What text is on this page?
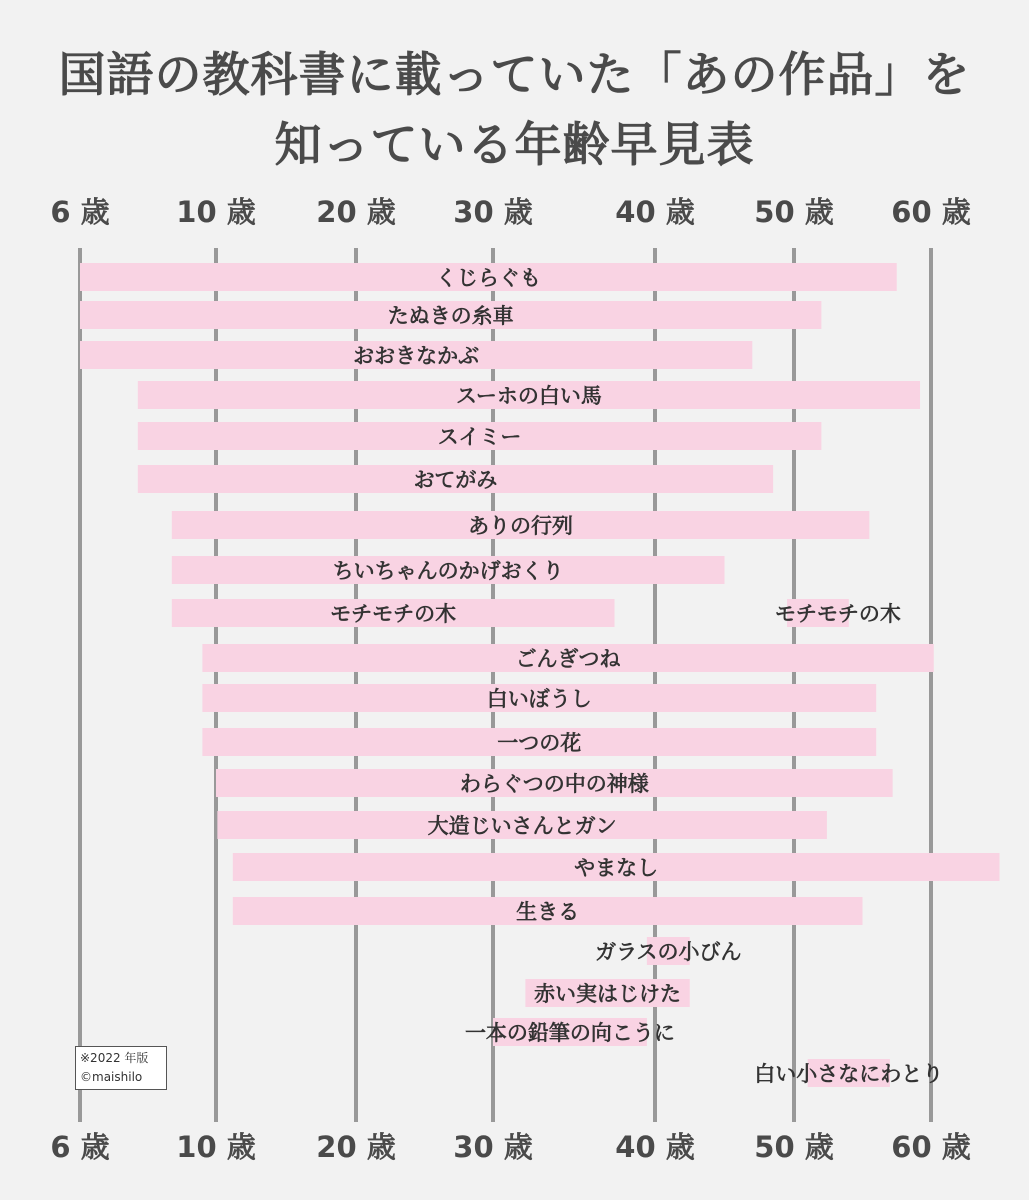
国語の教科書に載っていた「あの作品」を
知っている年齢早見表
くじらぐも
たぬきの糸車
おおきなかぶ
スーホの白い馬
スイミー
おてがみ
ありの行列
ちいちゃんのかげおくり
モチモチの木	モチモチの木
ごんぎつね
白いぼうし
一つの花
わらぐつの中の神様
大造じいさんとガン
やまなし
生きる
ガラスの小びん
赤い実はじけた
一本の鉛筆の向こうに
白い小さなにわとり
6 歳
6 歳
10 歳
10 歳
20 歳
20 歳
30 歳
30 歳
40 歳
40 歳
50 歳
50 歳
60 歳
60 歳
※2022 年版
©maishilo
